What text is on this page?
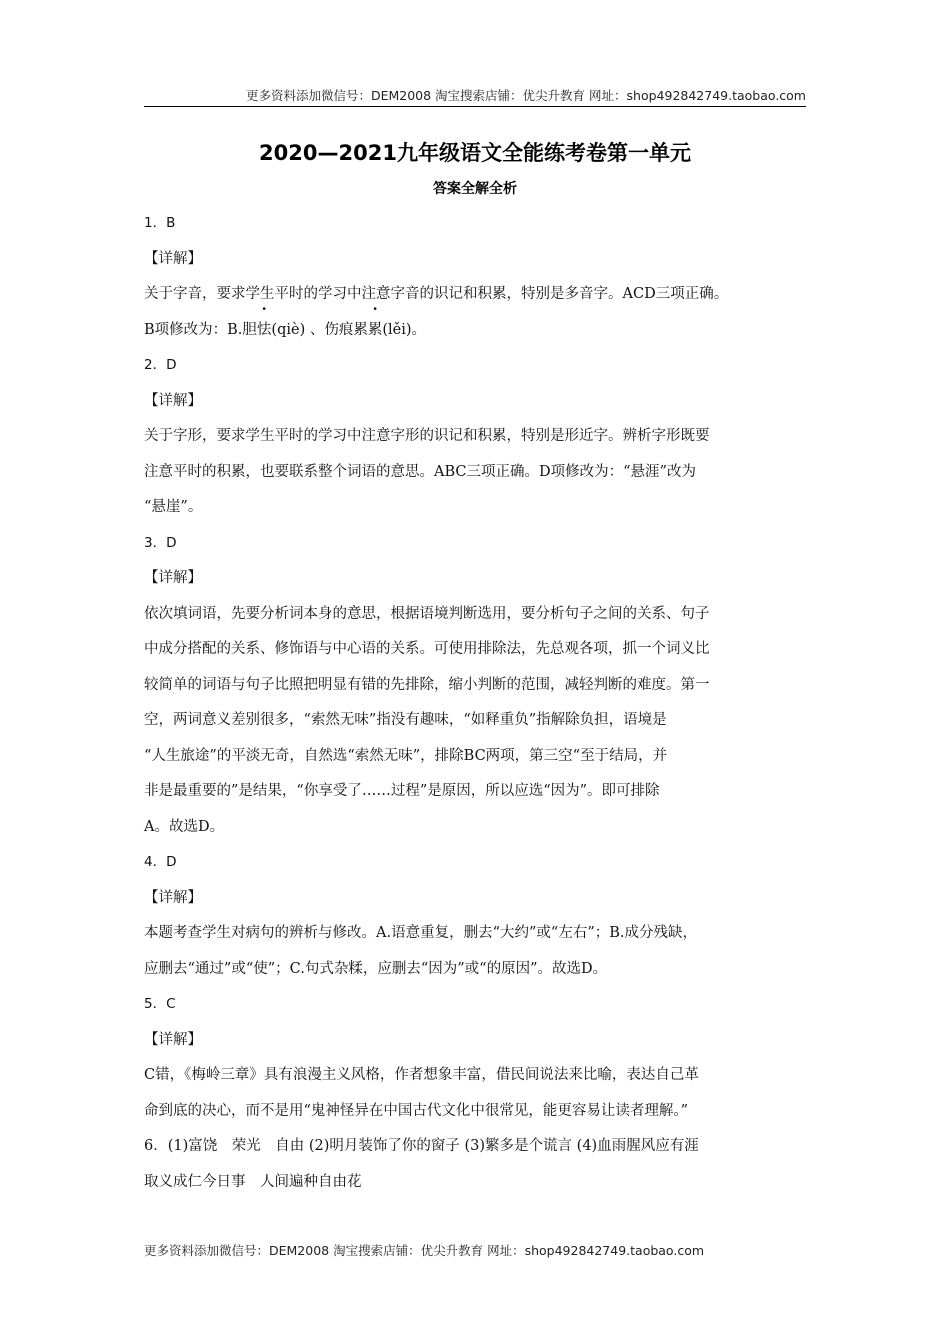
更多资料添加微信号：DEM2008 淘宝搜索店铺：优尖升教育 网址：shop492842749.taobao.com
2020—2021九年级语文全能练考卷第一单元
答案全解全析

1．B

【详解】

关于字音，要求学生平时的学习中注意字音的识记和积累，特别是多音字。ACD三项正确。

B项修改为：B.胆怯(qiè) 、伤痕累累(lěi)。

2．D

【详解】

关于字形，要求学生平时的学习中注意字形的识记和积累，特别是形近字。辨析字形既要

注意平时的积累，也要联系整个词语的意思。ABC三项正确。D项修改为：“悬涯”改为

“悬崖”。

3．D

【详解】

依次填词语，先要分析词本身的意思，根据语境判断选用，要分析句子之间的关系、句子

中成分搭配的关系、修饰语与中心语的关系。可使用排除法，先总观各项，抓一个词义比

较简单的词语与句子比照把明显有错的先排除，缩小判断的范围，减轻判断的难度。第一

空，两词意义差别很多，“索然无味”指没有趣味，“如释重负”指解除负担，语境是

“人生旅途”的平淡无奇，自然选“索然无味”，排除BC两项，第三空“至于结局，并

非是最重要的”是结果，“你享受了……过程”是原因，所以应选“因为”。即可排除

A。故选D。

4．D

【详解】

本题考查学生对病句的辨析与修改。A.语意重复，删去“大约”或“左右”；B.成分残缺，

应删去“通过”或“使”；C.句式杂糅，应删去“因为”或“的原因”。故选D。

5．C

【详解】

C错，《梅岭三章》具有浪漫主义风格，作者想象丰富，借民间说法来比喻，表达自己革

命到底的决心，而不是用“鬼神怪异在中国古代文化中很常见，能更容易让读者理解。”

6．(1)富饶　荣光　自由 (2)明月装饰了你的窗子 (3)繁多是个谎言 (4)血雨腥风应有涯

取义成仁今日事　人间遍种自由花

更多资料添加微信号：DEM2008 淘宝搜索店铺：优尖升教育 网址：shop492842749.taobao.com
